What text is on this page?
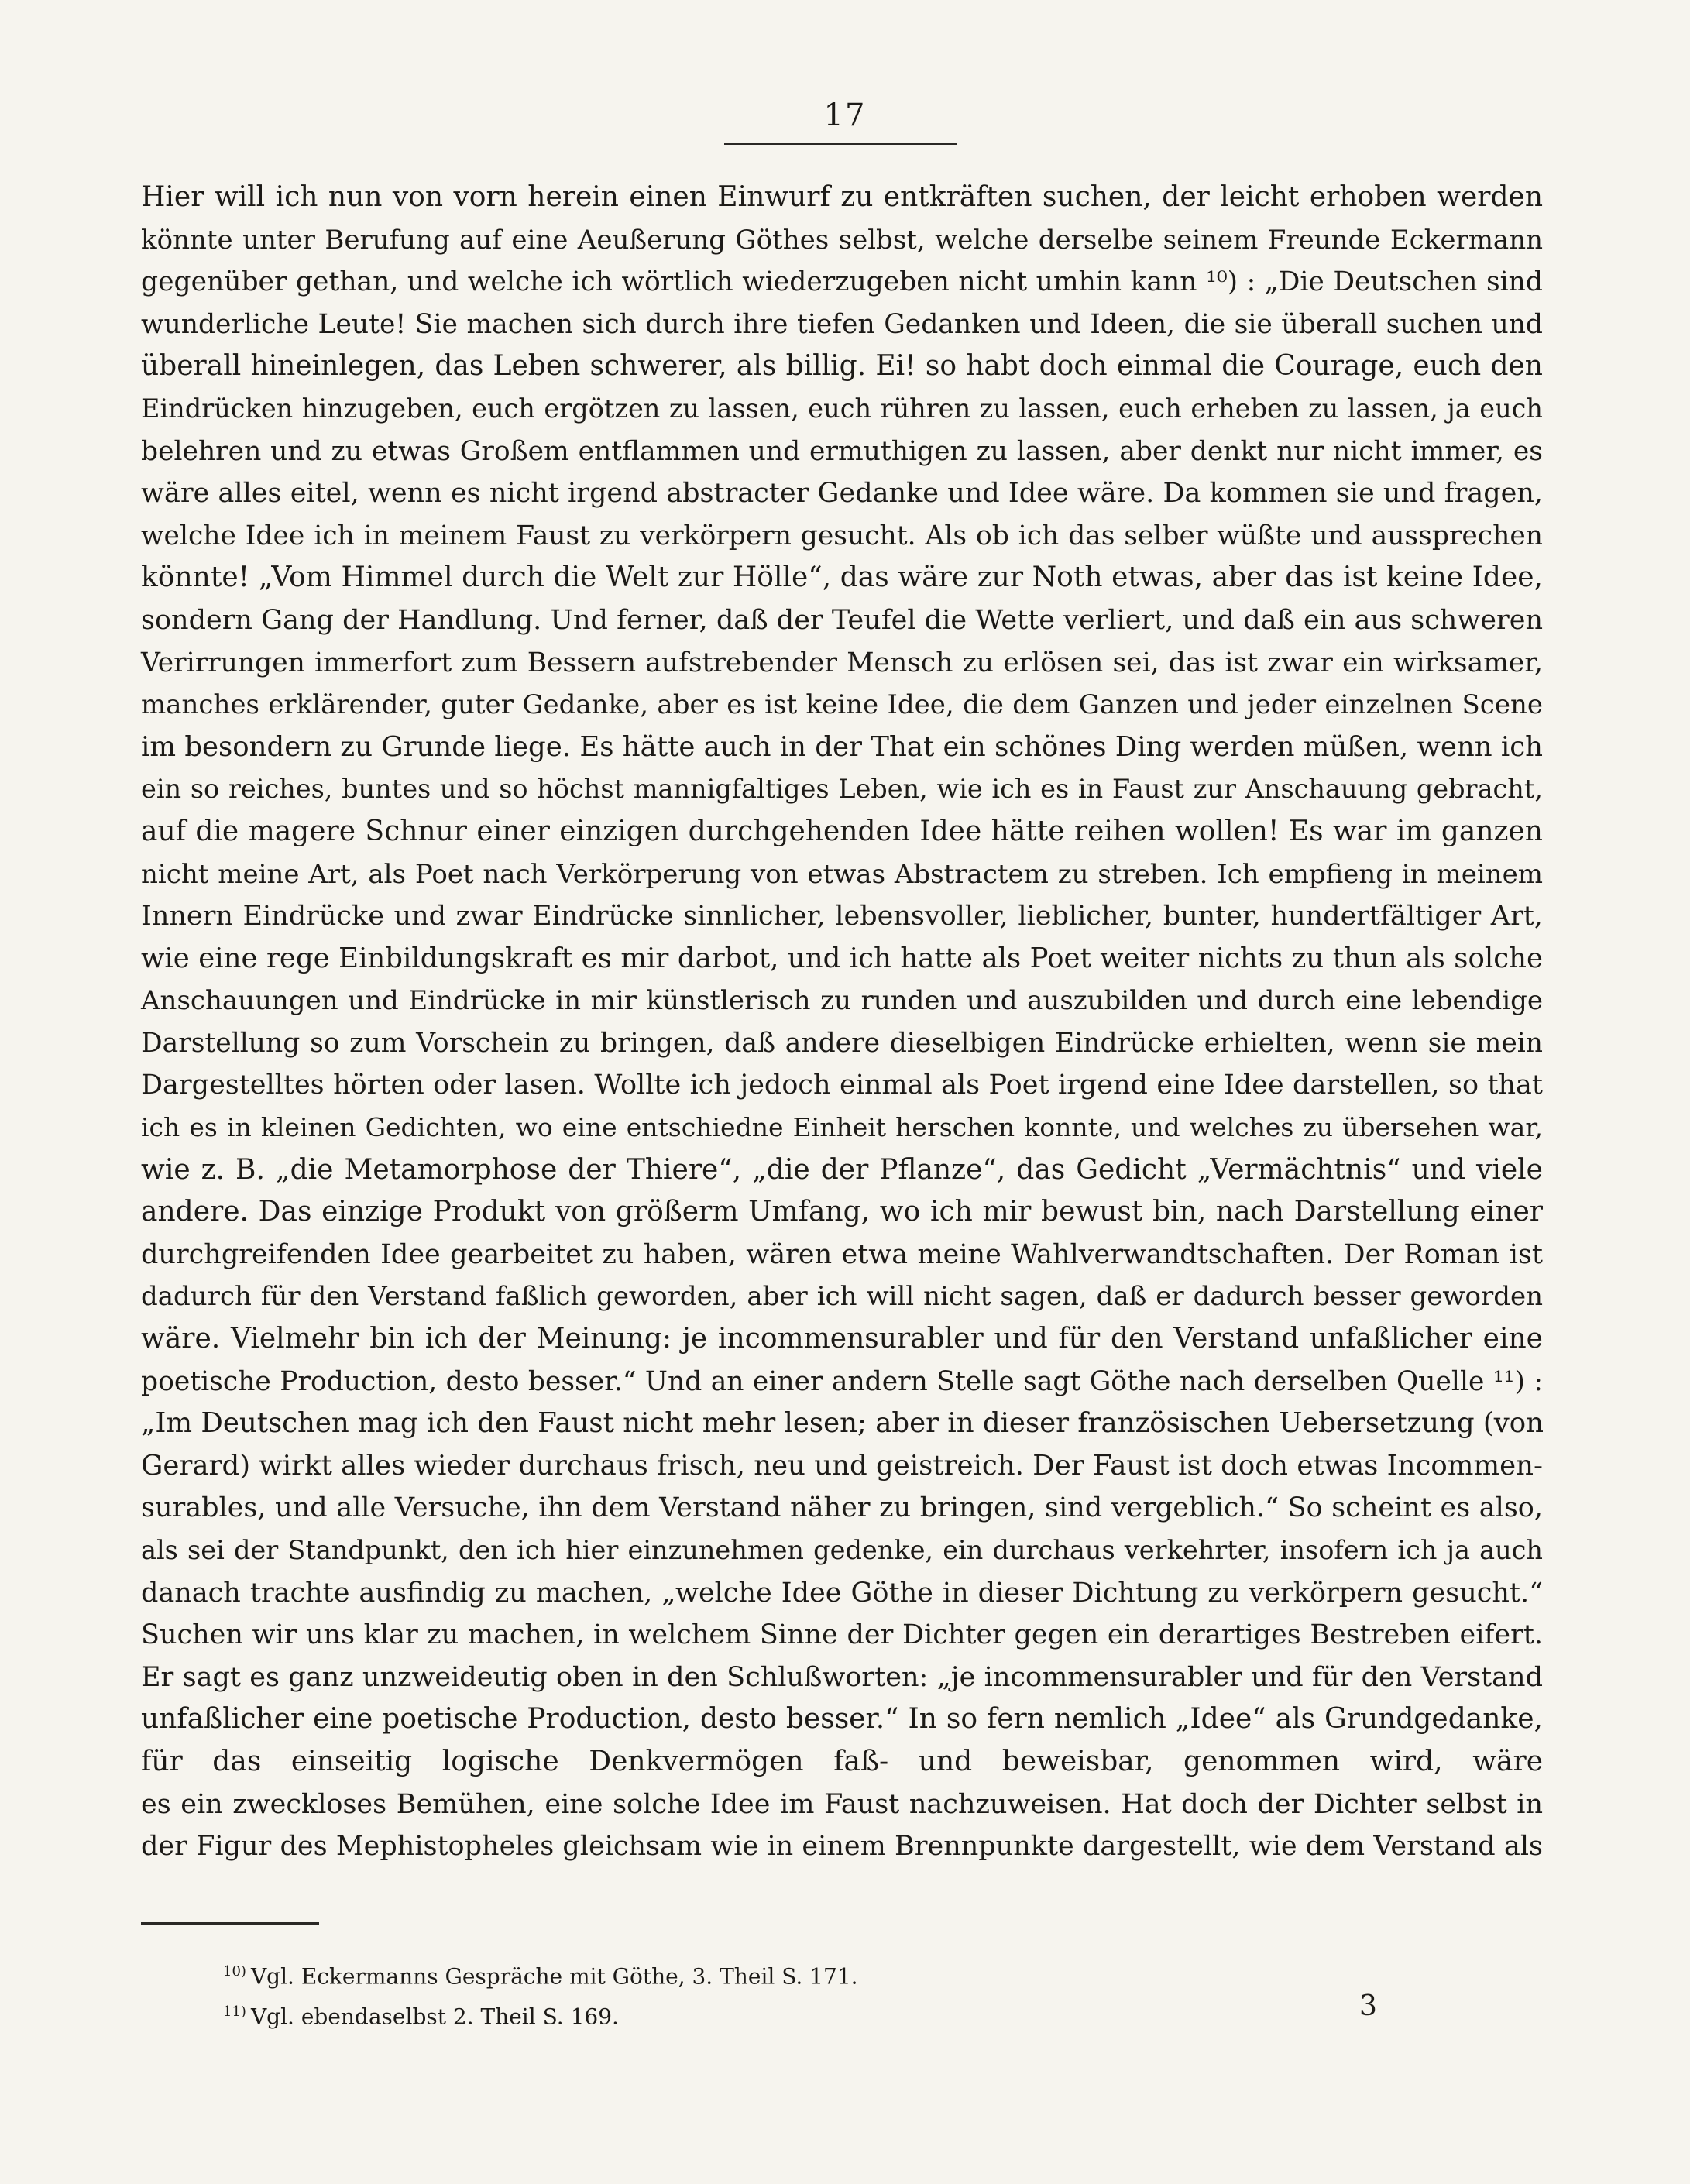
17
Hier will ich nun von vorn herein einen Einwurf zu entkräften suchen, der leicht erhoben werden
könnte unter Berufung auf eine Aeußerung Göthes selbst, welche derselbe seinem Freunde Eckermann
gegenüber gethan, und welche ich wörtlich wiederzugeben nicht umhin kann ¹⁰) : „Die Deutschen sind
wunderliche Leute! Sie machen sich durch ihre tiefen Gedanken und Ideen, die sie überall suchen und
überall hineinlegen, das Leben schwerer, als billig. Ei! so habt doch einmal die Courage, euch den
Eindrücken hinzugeben, euch ergötzen zu lassen, euch rühren zu lassen, euch erheben zu lassen, ja euch
belehren und zu etwas Großem entflammen und ermuthigen zu lassen, aber denkt nur nicht immer, es
wäre alles eitel, wenn es nicht irgend abstracter Gedanke und Idee wäre. Da kommen sie und fragen,
welche Idee ich in meinem Faust zu verkörpern gesucht. Als ob ich das selber wüßte und aussprechen
könnte! „Vom Himmel durch die Welt zur Hölle“, das wäre zur Noth etwas, aber das ist keine Idee,
sondern Gang der Handlung. Und ferner, daß der Teufel die Wette verliert, und daß ein aus schweren
Verirrungen immerfort zum Bessern aufstrebender Mensch zu erlösen sei, das ist zwar ein wirksamer,
manches erklärender, guter Gedanke, aber es ist keine Idee, die dem Ganzen und jeder einzelnen Scene
im besondern zu Grunde liege. Es hätte auch in der That ein schönes Ding werden müßen, wenn ich
ein so reiches, buntes und so höchst mannigfaltiges Leben, wie ich es in Faust zur Anschauung gebracht,
auf die magere Schnur einer einzigen durchgehenden Idee hätte reihen wollen! Es war im ganzen
nicht meine Art, als Poet nach Verkörperung von etwas Abstractem zu streben. Ich empfieng in meinem
Innern Eindrücke und zwar Eindrücke sinnlicher, lebensvoller, lieblicher, bunter, hundertfältiger Art,
wie eine rege Einbildungskraft es mir darbot, und ich hatte als Poet weiter nichts zu thun als solche
Anschauungen und Eindrücke in mir künstlerisch zu runden und auszubilden und durch eine lebendige
Darstellung so zum Vorschein zu bringen, daß andere dieselbigen Eindrücke erhielten, wenn sie mein
Dargestelltes hörten oder lasen. Wollte ich jedoch einmal als Poet irgend eine Idee darstellen, so that
ich es in kleinen Gedichten, wo eine entschiedne Einheit herschen konnte, und welches zu übersehen war,
wie z. B. „die Metamorphose der Thiere“, „die der Pflanze“, das Gedicht „Vermächtnis“ und viele
andere. Das einzige Produkt von größerm Umfang, wo ich mir bewust bin, nach Darstellung einer
durchgreifenden Idee gearbeitet zu haben, wären etwa meine Wahlverwandtschaften. Der Roman ist
dadurch für den Verstand faßlich geworden, aber ich will nicht sagen, daß er dadurch besser geworden
wäre. Vielmehr bin ich der Meinung: je incommensurabler und für den Verstand unfaßlicher eine
poetische Production, desto besser.“ Und an einer andern Stelle sagt Göthe nach derselben Quelle ¹¹) :
„Im Deutschen mag ich den Faust nicht mehr lesen; aber in dieser französischen Uebersetzung (von
Gerard) wirkt alles wieder durchaus frisch, neu und geistreich. Der Faust ist doch etwas Incommen-
surables, und alle Versuche, ihn dem Verstand näher zu bringen, sind vergeblich.“ So scheint es also,
als sei der Standpunkt, den ich hier einzunehmen gedenke, ein durchaus verkehrter, insofern ich ja auch
danach trachte ausfindig zu machen, „welche Idee Göthe in dieser Dichtung zu verkörpern gesucht.“
Suchen wir uns klar zu machen, in welchem Sinne der Dichter gegen ein derartiges Bestreben eifert.
Er sagt es ganz unzweideutig oben in den Schlußworten: „je incommensurabler und für den Verstand
unfaßlicher eine poetische Production, desto besser.“ In so fern nemlich „Idee“ als Grundgedanke,
für das einseitig logische Denkvermögen faß- und beweisbar, genommen wird, wäre
es ein zweckloses Bemühen, eine solche Idee im Faust nachzuweisen. Hat doch der Dichter selbst in
der Figur des Mephistopheles gleichsam wie in einem Brennpunkte dargestellt, wie dem Verstand als
$^{10)}$ Vgl. Eckermanns Gespräche mit Göthe, 3. Theil S. 171.
$^{11)}$ Vgl. ebendaselbst 2. Theil S. 169.	3
